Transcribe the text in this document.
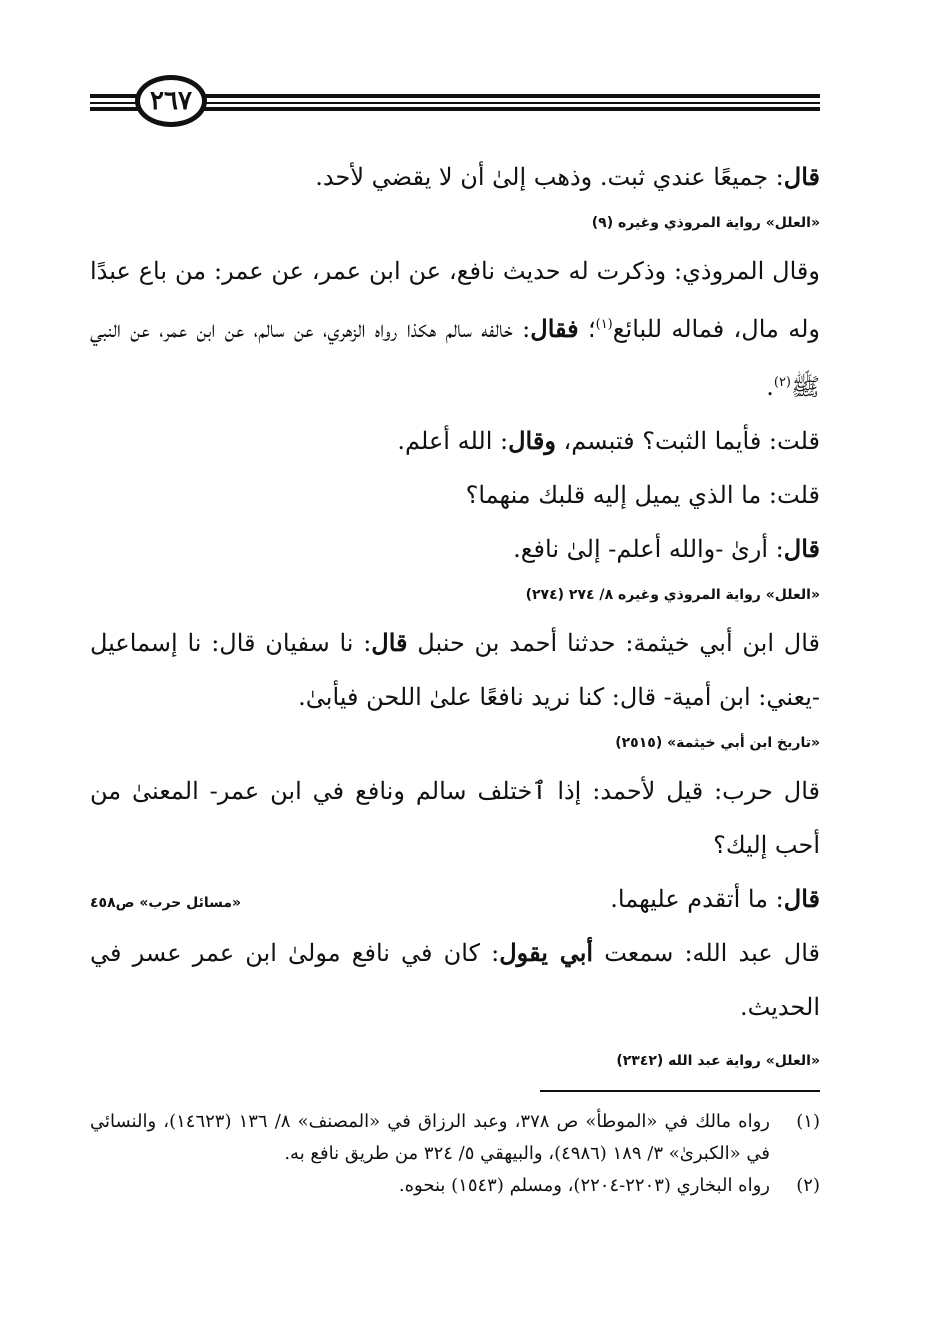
٢٦٧

قال: جميعًا عندي ثبت. وذهب إلىٰ أن لا يقضي لأحد.

«العلل» رواية المروذي وغيره (٩)

وقال المروذي: وذكرت له حديث نافع، عن ابن عمر، عن عمر: من باع عبدًا وله مال، فماله للبائع$^{(١)}$؛ فقال: خالفه سالم هكذا رواه الزهري، عن سالم، عن ابن عمر، عن النبي ﷺ$^{(٢)}$.

قلت: فأيما الثبت؟ فتبسم، وقال: الله أعلم.

قلت: ما الذي يميل إليه قلبك منهما؟

قال: أرىٰ -والله أعلم- إلىٰ نافع.

«العلل» رواية المروذي وغيره ٨/ ٢٧٤ (٢٧٤)

قال ابن أبي خيثمة: حدثنا أحمد بن حنبل قال: نا سفيان قال: نا إسماعيل -يعني: ابن أمية- قال: كنا نريد نافعًا علىٰ اللحن فيأبىٰ.

«تاريخ ابن أبي خيثمة» (٢٥١٥)

قال حرب: قيل لأحمد: إذا ٱختلف سالم ونافع في ابن عمر- المعنىٰ من أحب إليك؟

قال: ما أتقدم عليهما.

«مسائل حرب» ص٤٥٨

قال عبد الله: سمعت أبي يقول: كان في نافع مولىٰ ابن عمر عسر في الحديث.

«العلل» رواية عبد الله (٢٣٤٢)
(١)
رواه مالك في «الموطأ» ص ٣٧٨، وعبد الرزاق في «المصنف» ٨/ ١٣٦ (١٤٦٢٣)، والنسائي في «الكبرىٰ» ٣/ ١٨٩ (٤٩٨٦)، والبيهقي ٥/ ٣٢٤ من طريق نافع به.
(٢)
رواه البخاري (٢٢٠٣-٢٢٠٤)، ومسلم (١٥٤٣) بنحوه.
